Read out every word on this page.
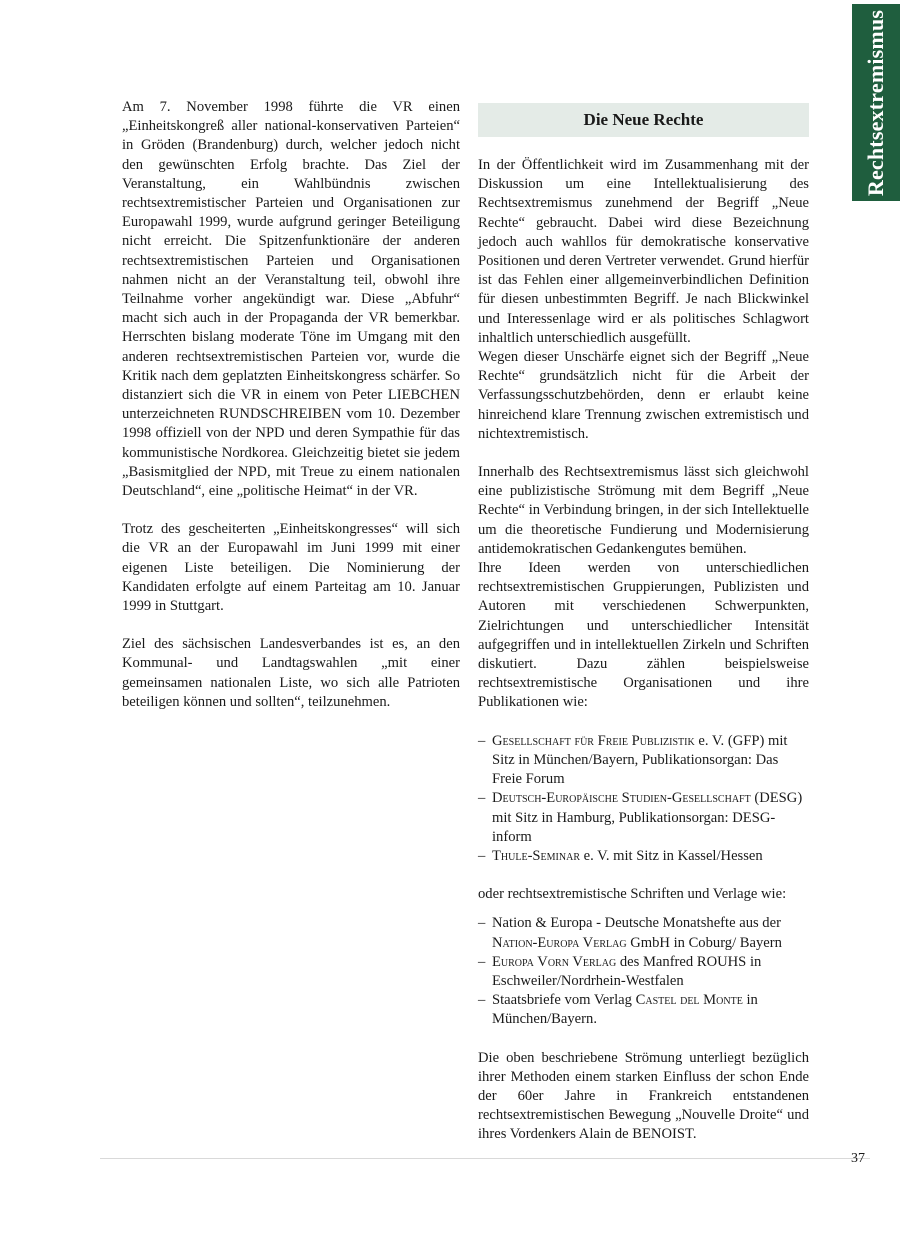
Rechtsextremismus

Am 7. November 1998 führte die VR einen „Einheitskongreß aller national-konservativen Parteien“ in Gröden (Brandenburg) durch, welcher jedoch nicht den gewünschten Erfolg brachte. Das Ziel der Veranstaltung, ein Wahlbündnis zwischen rechtsextremistischer Parteien und Organisationen zur Europawahl 1999, wurde aufgrund geringer Beteiligung nicht erreicht. Die Spitzenfunktionäre der anderen rechtsextremistischen Parteien und Organisationen nahmen nicht an der Veranstaltung teil, obwohl ihre Teilnahme vorher angekündigt war. Diese „Abfuhr“ macht sich auch in der Propaganda der VR bemerkbar. Herrschten bislang moderate Töne im Umgang mit den anderen rechtsextremistischen Parteien vor, wurde die Kritik nach dem geplatzten Einheitskongress schärfer. So distanziert sich die VR in einem von Peter LIEBCHEN unterzeichneten RUNDSCHREIBEN vom 10. Dezember 1998 offiziell von der NPD und deren Sympathie für das kommunistische Nordkorea. Gleichzeitig bietet sie jedem „Basismitglied der NPD, mit Treue zu einem nationalen Deutschland“, eine „politische Heimat“ in der VR.

Trotz des gescheiterten „Einheitskongresses“ will sich die VR an der Europawahl im Juni 1999 mit einer eigenen Liste beteiligen. Die Nominierung der Kandidaten erfolgte auf einem Parteitag am 10. Januar 1999 in Stuttgart.

Ziel des sächsischen Landesverbandes ist es, an den Kommunal- und Landtagswahlen „mit einer gemeinsamen nationalen Liste, wo sich alle Patrioten beteiligen können und sollten“, teilzunehmen.

Die Neue Rechte

In der Öffentlichkeit wird im Zusammenhang mit der Diskussion um eine Intellektualisierung des Rechtsextremismus zunehmend der Begriff „Neue Rechte“ gebraucht. Dabei wird diese Bezeichnung jedoch auch wahllos für demokratische konservative Positionen und deren Vertreter verwendet. Grund hierfür ist das Fehlen einer allgemeinverbindlichen Definition für diesen unbestimmten Begriff. Je nach Blickwinkel und Interessenlage wird er als politisches Schlagwort inhaltlich unterschiedlich ausgefüllt.

Wegen dieser Unschärfe eignet sich der Begriff „Neue Rechte“ grundsätzlich nicht für die Arbeit der Verfassungsschutzbehörden, denn er erlaubt keine hinreichend klare Trennung zwischen extremistisch und nichtextremistisch.

Innerhalb des Rechtsextremismus lässt sich gleichwohl eine publizistische Strömung mit dem Begriff „Neue Rechte“ in Verbindung bringen, in der sich Intellektuelle um die theoretische Fundierung und Modernisierung antidemokratischen Gedankengutes bemühen.

Ihre Ideen werden von unterschiedlichen rechtsextremistischen Gruppierungen, Publizisten und Autoren mit verschiedenen Schwerpunkten, Zielrichtungen und unterschiedlicher Intensität aufgegriffen und in intellektuellen Zirkeln und Schriften diskutiert. Dazu zählen beispielsweise rechtsextremistische Organisationen und ihre Publikationen wie:

– Gesellschaft für Freie Publizistik e. V. (GFP) mit Sitz in München/Bayern, Publikationsorgan: Das Freie Forum
– Deutsch-Europäische Studien-Gesellschaft (DESG) mit Sitz in Hamburg, Publikationsorgan: DESG-inform
– Thule-Seminar e. V. mit Sitz in Kassel/Hessen

oder rechtsextremistische Schriften und Verlage wie:

– Nation & Europa - Deutsche Monatshefte aus der Nation-Europa Verlag GmbH in Coburg/ Bayern
– Europa Vorn Verlag des Manfred ROUHS in Eschweiler/Nordrhein-Westfalen
– Staatsbriefe vom Verlag Castel del Monte in München/Bayern.

Die oben beschriebene Strömung unterliegt bezüglich ihrer Methoden einem starken Einfluss der schon Ende der 60er Jahre in Frankreich entstandenen rechtsextremistischen Bewegung „Nouvelle Droite“ und ihres Vordenkers Alain de BENOIST.

37
